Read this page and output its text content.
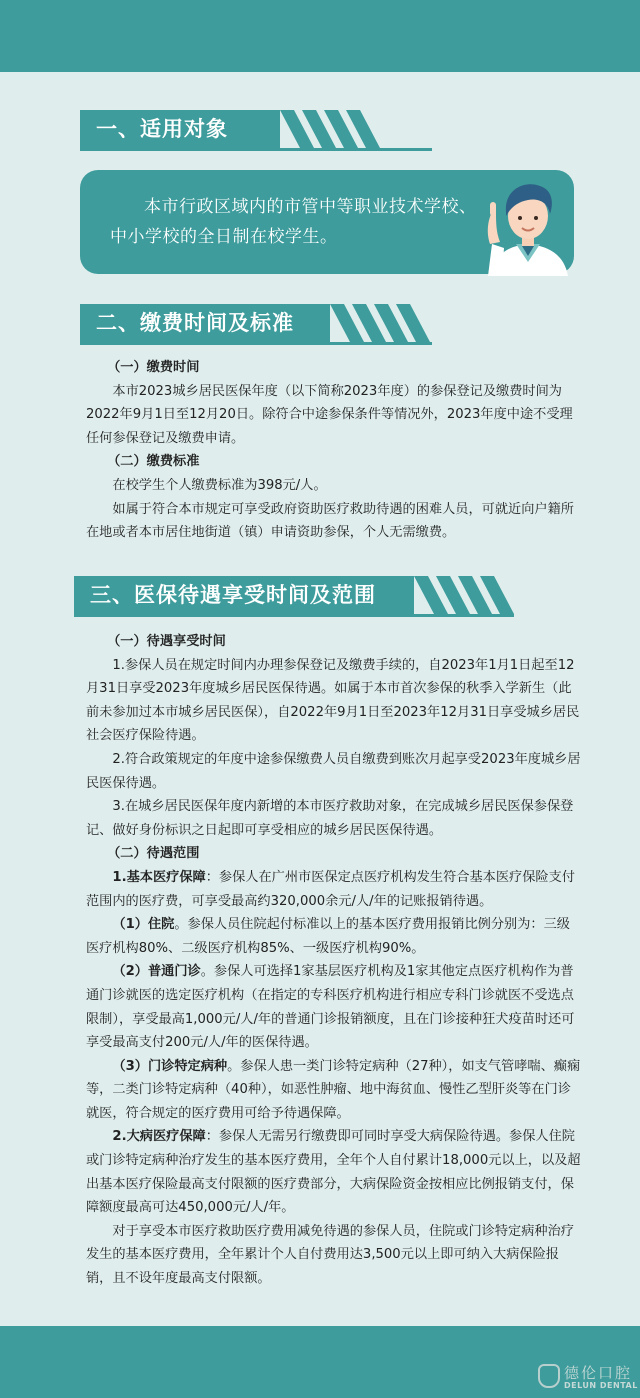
一、适用对象
本市行政区域内的市管中等职业技术学校、中小学校的全日制在校学生。
二、缴费时间及标准

（一）缴费时间

本市2023城乡居民医保年度（以下简称2023年度）的参保登记及缴费时间为2022年9月1日至12月20日。除符合中途参保条件等情况外，2023年度中途不受理任何参保登记及缴费申请。

（二）缴费标准

在校学生个人缴费标准为398元/人。

如属于符合本市规定可享受政府资助医疗救助待遇的困难人员，可就近向户籍所在地或者本市居住地街道（镇）申请资助参保，个人无需缴费。

三、医保待遇享受时间及范围

（一）待遇享受时间

1.参保人员在规定时间内办理参保登记及缴费手续的，自2023年1月1日起至12月31日享受2023年度城乡居民医保待遇。如属于本市首次参保的秋季入学新生（此前未参加过本市城乡居民医保），自2022年9月1日至2023年12月31日享受城乡居民社会医疗保险待遇。

2.符合政策规定的年度中途参保缴费人员自缴费到账次月起享受2023年度城乡居民医保待遇。

3.在城乡居民医保年度内新增的本市医疗救助对象，在完成城乡居民医保参保登记、做好身份标识之日起即可享受相应的城乡居民医保待遇。

（二）待遇范围

1.基本医疗保障：参保人在广州市医保定点医疗机构发生符合基本医疗保险支付范围内的医疗费，可享受最高约320,000余元/人/年的记账报销待遇。

（1）住院。参保人员住院起付标准以上的基本医疗费用报销比例分别为：三级医疗机构80%、二级医疗机构85%、一级医疗机构90%。

（2）普通门诊。参保人可选择1家基层医疗机构及1家其他定点医疗机构作为普通门诊就医的选定医疗机构（在指定的专科医疗机构进行相应专科门诊就医不受选点限制），享受最高1,000元/人/年的普通门诊报销额度，且在门诊接种狂犬疫苗时还可享受最高支付200元/人/年的医保待遇。

（3）门诊特定病种。参保人患一类门诊特定病种（27种），如支气管哮喘、癫痫等，二类门诊特定病种（40种），如恶性肿瘤、地中海贫血、慢性乙型肝炎等在门诊就医，符合规定的医疗费用可给予待遇保障。

2.大病医疗保障：参保人无需另行缴费即可同时享受大病保险待遇。参保人住院或门诊特定病种治疗发生的基本医疗费用，全年个人自付累计18,000元以上，以及超出基本医疗保险最高支付限额的医疗费部分，大病保险资金按相应比例报销支付，保障额度最高可达450,000元/人/年。

对于享受本市医疗救助医疗费用减免待遇的参保人员，住院或门诊特定病种治疗发生的基本医疗费用，全年累计个人自付费用达3,500元以上即可纳入大病保险报销，且不设年度最高支付限额。

德伦口腔
DELUN DENTAL
